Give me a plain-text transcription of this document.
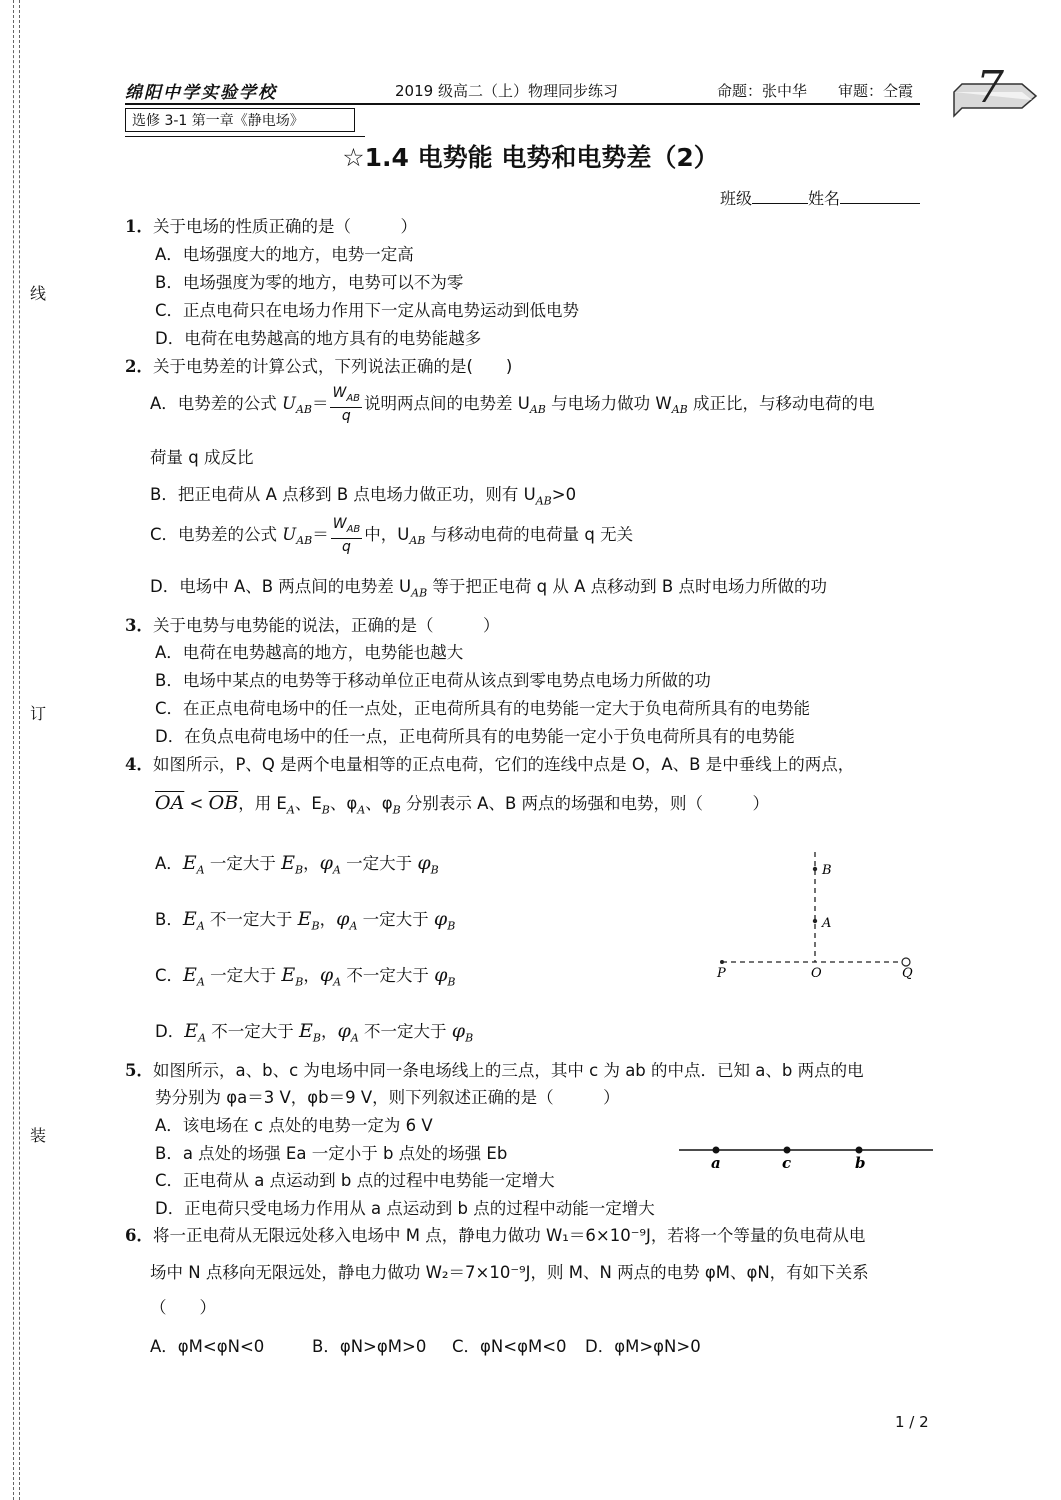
线
订
装
绵阳中学实验学校	2019 级高二（上）物理同步练习	命题：张中华 审题：仝霞
选修 3-1 第一章《静电场》
7
☆1.4 电势能 电势和电势差（2）
班级	姓名
1．关于电场的性质正确的是（　　　）
A．电场强度大的地方，电势一定高
B．电场强度为零的地方，电势可以不为零
C．正点电荷只在电场力作用下一定从高电势运动到低电势
D．电荷在电势越高的地方具有的电势能越多
2．关于电势差的计算公式，下列说法正确的是(　　)
A．电势差的公式 $U_{AB}= \frac{W_{AB}}{q}$ 说明两点间的电势差 $U_{AB}$ 与电场力做功 $W_{AB}$ 成正比，与移动电荷的电
荷量 q 成反比
B．把正电荷从 A 点移到 B 点电场力做正功，则有 $U_{AB}>0$
C．电势差的公式 $U_{AB}= \frac{W_{AB}}{q}$ 中，$U_{AB}$ 与移动电荷的电荷量 q 无关
D．电场中 A、B 两点间的电势差 $U_{AB}$ 等于把正电荷 q 从 A 点移动到 B 点时电场力所做的功
3．关于电势与电势能的说法，正确的是（　　　）
A．电荷在电势越高的地方，电势能也越大
B．电场中某点的电势等于移动单位正电荷从该点到零电势点电场力所做的功
C．在正点电荷电场中的任一点处，正电荷所具有的电势能一定大于负电荷所具有的电势能
D．在负点电荷电场中的任一点，正电荷所具有的电势能一定小于负电荷所具有的电势能
4．如图所示，P、Q 是两个电量相等的正点电荷，它们的连线中点是 O，A、B 是中垂线上的两点，
$\overline{OA} < \overline{OB}$，用 $E_A$、$E_B$、$\varphi_A$、$\varphi_B$ 分别表示 A、B 两点的场强和电势，则（　　　）
A．$E_A$ 一定大于 $E_B$，$\varphi_A$ 一定大于 $\varphi_B$
B．$E_A$ 不一定大于 $E_B$，$\varphi_A$ 一定大于 $\varphi_B$
C．$E_A$ 一定大于 $E_B$，$\varphi_A$ 不一定大于 $\varphi_B$
D．$E_A$ 不一定大于 $E_B$，$\varphi_A$ 不一定大于 $\varphi_B$
P	O	Q
A
B
5．如图所示，a、b、c 为电场中同一条电场线上的三点，其中 c 为 ab 的中点．已知 a、b 两点的电
势分别为 φa＝3 V，φb＝9 V，则下列叙述正确的是（　　　）
A．该电场在 c 点处的电势一定为 6 V
B．a 点处的场强 Ea 一定小于 b 点处的场强 Eb
C．正电荷从 a 点运动到 b 点的过程中电势能一定增大
D．正电荷只受电场力作用从 a 点运动到 b 点的过程中动能一定增大
a	c	b
6．将一正电荷从无限远处移入电场中 M 点，静电力做功 W₁＝6×10⁻⁹J，若将一个等量的负电荷从电
场中 N 点移向无限远处，静电力做功 W₂＝7×10⁻⁹J，则 M、N 两点的电势 φM、φN，有如下关系
（　　）
A．φM<φN<0	B．φN>φM>0 C．φN<φM<0 D．φM>φN>0
1 / 2
